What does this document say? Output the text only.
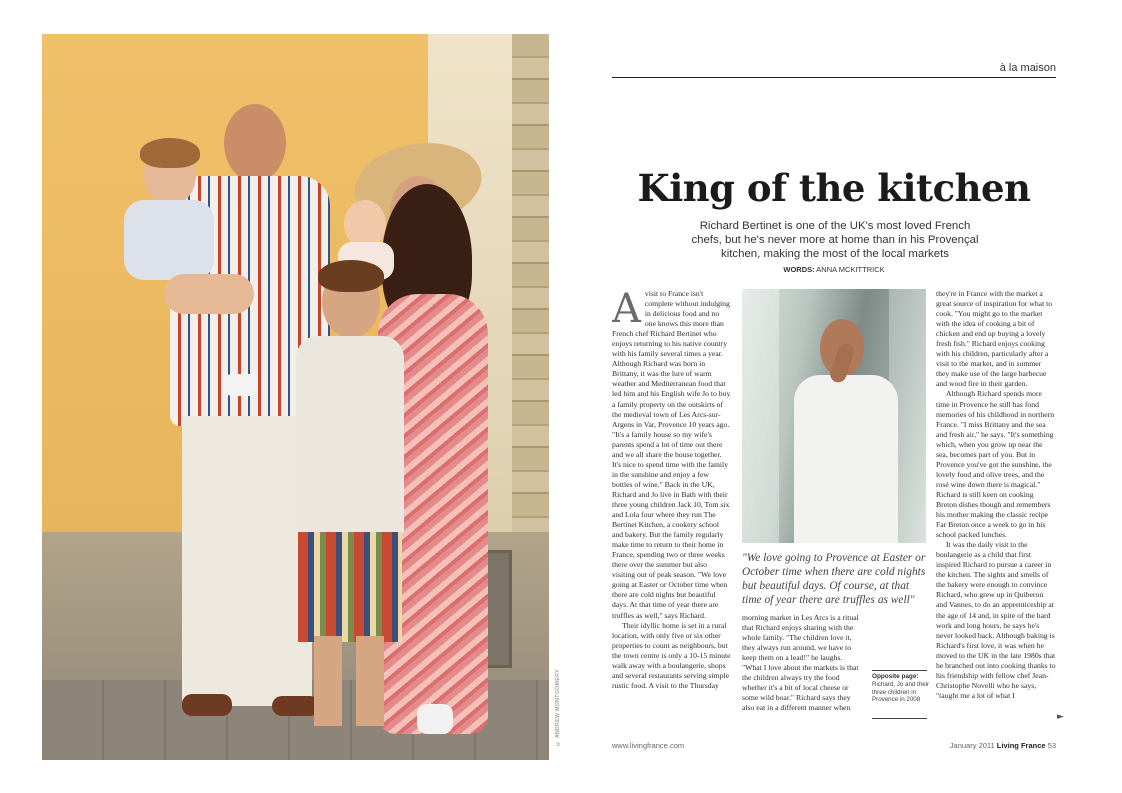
© ANDREW MONTGOMERY
à la maison
King of the kitchen
Richard Bertinet is one of the UK's most loved French chefs, but he's never more at home than in his Provençal kitchen, making the most of the local markets
WORDS: ANNA MCKITTRICK
A visit to France isn't complete without indulging in delicious food and no one knows this more than French chef Richard Bertinet who enjoys returning to his native country with his family several times a year. Although Richard was born in Brittany, it was the lure of warm weather and Mediterranean food that led him and his English wife Jo to buy a family property on the outskirts of the medieval town of Les Arcs-sur-Argens in Var, Provence 10 years ago. "It's a family house so my wife's parents spend a lot of time out there and we all share the house together. It's nice to spend time with the family in the sunshine and enjoy a few bottles of wine." Back in the UK, Richard and Jo live in Bath with their three young children Jack 10, Tom six and Lola four where they run The Bertinet Kitchen, a cookery school and bakery. But the family regularly make time to return to their home in France, spending two or three weeks there over the summer but also visiting out of peak season. "We love going at Easter or October time when there are cold nights but beautiful days. At that time of year there are truffles as well," says Richard.

Their idyllic home is set in a rural location, with only five or six other properties to count as neighbours, but the town centre is only a 10-15 minute walk away with a boulangerie, shops and several restaurants serving simple rustic food. A visit to the Thursday

"We love going to Provence at Easter or October time when there are cold nights but beautiful days. Of course, at that time of year there are truffles as well"

morning market in Les Arcs is a ritual that Richard enjoys sharing with the whole family. "The children love it, they always run around, we have to keep them on a lead!" he laughs. "What I love about the markets is that the children always try the food whether it's a bit of local cheese or some wild boar." Richard says they also eat in a different manner when

they're in France with the market a great source of inspiration for what to cook. "You might go to the market with the idea of cooking a bit of chicken and end up buying a lovely fresh fish." Richard enjoys cooking with his children, particularly after a visit to the market, and in summer they make use of the large barbecue and wood fire in their garden.

Although Richard spends more time in Provence he still has fond memories of his childhood in northern France. "I miss Brittany and the sea and fresh air," he says. "It's something which, when you grow up near the sea, becomes part of you. But in Provence you've got the sunshine, the lovely food and olive trees, and the rosé wine down there is magical." Richard is still keen on cooking Breton dishes though and remembers his mother making the classic recipe Far Breton once a week to go in his school packed lunches.

It was the daily visit to the boulangerie as a child that first inspired Richard to pursue a career in the kitchen. The sights and smells of the bakery were enough to convince Richard, who grew up in Quiberon and Vannes, to do an apprenticeship at the age of 14 and, in spite of the hard work and long hours, he says he's never looked back. Although baking is Richard's first love, it was when he moved to the UK in the late 1980s that he branched out into cooking thanks to his friendship with fellow chef Jean-Christophe Novelli who he says, "taught me a lot of what I

Opposite page:
Richard, Jo and their three children in Provence in 2008
►
www.livingfrance.com	January 2011 Living France 53
